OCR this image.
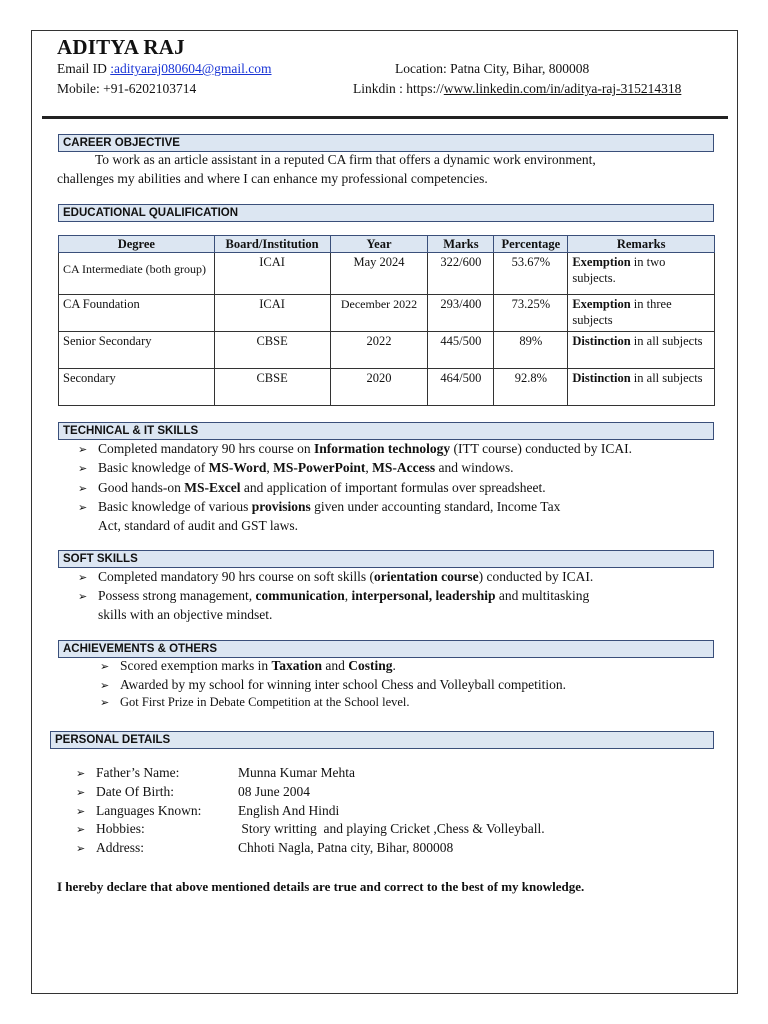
ADITYA RAJ
Email ID :adityaraj080604@gmail.com	Location: Patna City, Bihar, 800008
Mobile: +91-6202103714	Linkdin : https://www.linkedin.com/in/aditya-raj-315214318
CAREER OBJECTIVE
To work as an article assistant in a reputed CA firm that offers a dynamic work environment,
challenges my abilities and where I can enhance my professional competencies.
EDUCATIONAL QUALIFICATION
Degree	Board/Institution	Year	Marks	Percentage	Remarks
CA Intermediate (both group)	ICAI	May 2024	322/600	53.67%	Exemption in two subjects.
CA Foundation	ICAI	December 2022	293/400	73.25%	Exemption in three subjects
Senior Secondary	CBSE	2022	445/500	89%	Distinction in all subjects
Secondary	CBSE	2020	464/500	92.8%	Distinction in all subjects
TECHNICAL & IT SKILLS
➢ Completed mandatory 90 hrs course on Information technology (ITT course) conducted by ICAI.
➢ Basic knowledge of MS-Word, MS-PowerPoint, MS-Access and windows.
➢ Good hands-on MS-Excel and application of important formulas over spreadsheet.
➢ Basic knowledge of various provisions given under accounting standard, Income Tax
Act, standard of audit and GST laws.
SOFT SKILLS
➢ Completed mandatory 90 hrs course on soft skills (orientation course) conducted by ICAI.
➢ Possess strong management, communication, interpersonal, leadership and multitasking
skills with an objective mindset.
ACHIEVEMENTS & OTHERS
➢ Scored exemption marks in Taxation and Costing.
➢ Awarded by my school for winning inter school Chess and Volleyball competition.
➢ Got First Prize in Debate Competition at the School level.
PERSONAL DETAILS
➢ Father’s Name:	Munna Kumar Mehta
➢ Date Of Birth:	08 June 2004
➢ Languages Known:	English And Hindi
➢ Hobbies:	Story writting  and playing Cricket ,Chess & Volleyball.
➢ Address:	Chhoti Nagla, Patna city, Bihar, 800008
I hereby declare that above mentioned details are true and correct to the best of my knowledge.
